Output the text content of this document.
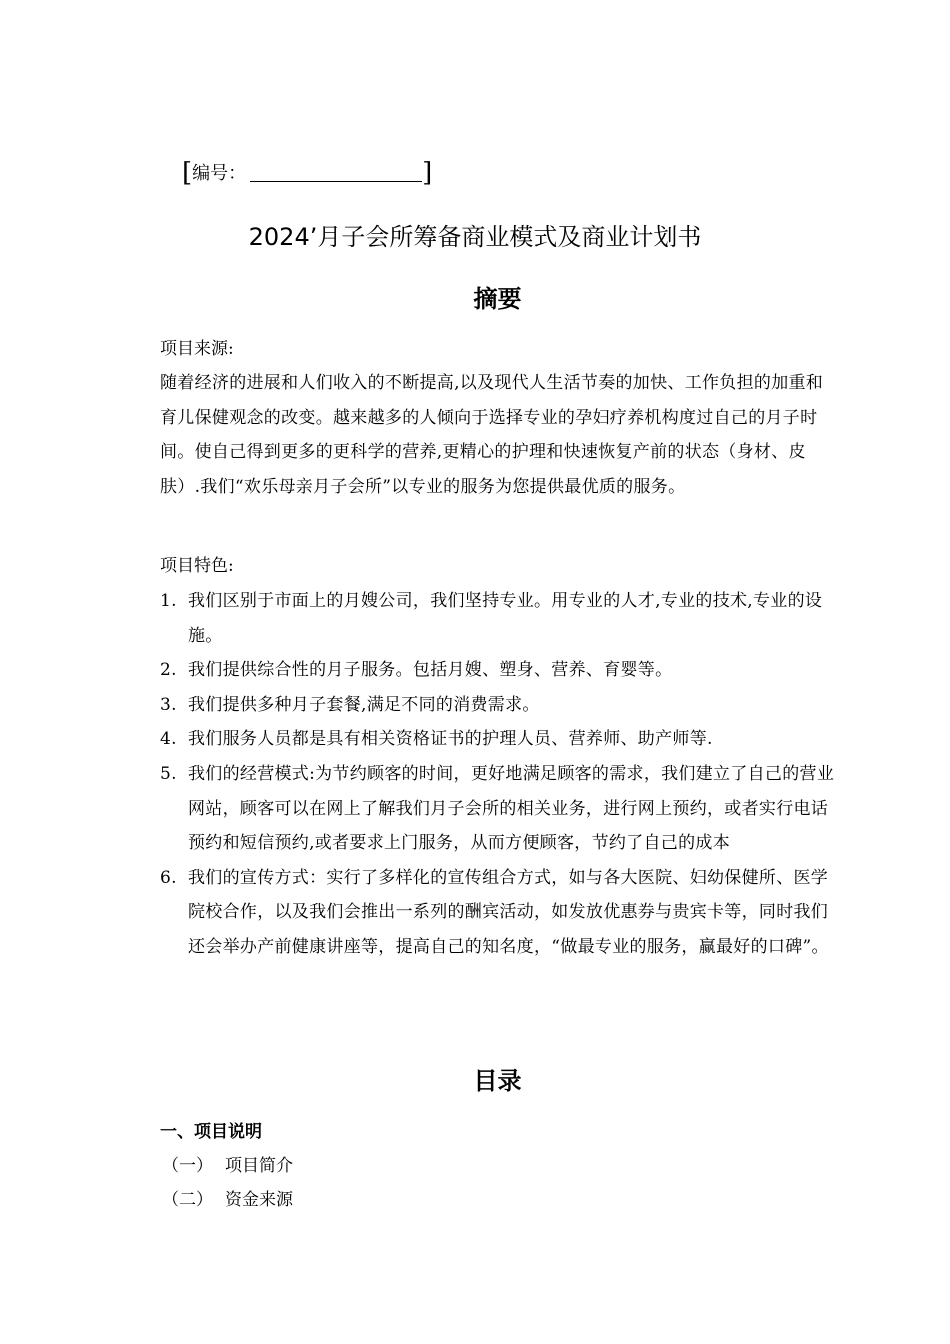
[编号：	]
2024’月子会所筹备商业模式及商业计划书
摘要
项目来源:
随着经济的进展和人们收入的不断提高,以及现代人生活节奏的加快、工作负担的加重和育儿保健观念的改变。越来越多的人倾向于选择专业的孕妇疗养机构度过自己的月子时间。使自己得到更多的更科学的营养,更精心的护理和快速恢复产前的状态（身材、皮肤）.我们“欢乐母亲月子会所”以专业的服务为您提供最优质的服务。
项目特色:
1. 我们区别于市面上的月嫂公司，我们坚持专业。用专业的人才,专业的技术,专业的设施。
2. 我们提供综合性的月子服务。包括月嫂、塑身、营养、育婴等。
3. 我们提供多种月子套餐,满足不同的消费需求。
4. 我们服务人员都是具有相关资格证书的护理人员、营养师、助产师等.
5. 我们的经营模式:为节约顾客的时间，更好地满足顾客的需求，我们建立了自己的营业网站，顾客可以在网上了解我们月子会所的相关业务，进行网上预约，或者实行电话预约和短信预约,或者要求上门服务，从而方便顾客，节约了自己的成本
6. 我们的宣传方式：实行了多样化的宣传组合方式，如与各大医院、妇幼保健所、医学院校合作，以及我们会推出一系列的酬宾活动，如发放优惠券与贵宾卡等，同时我们还会举办产前健康讲座等，提高自己的知名度，“做最专业的服务，赢最好的口碑”。
目录
一、项目说明
（一） 项目简介
（二） 资金来源
